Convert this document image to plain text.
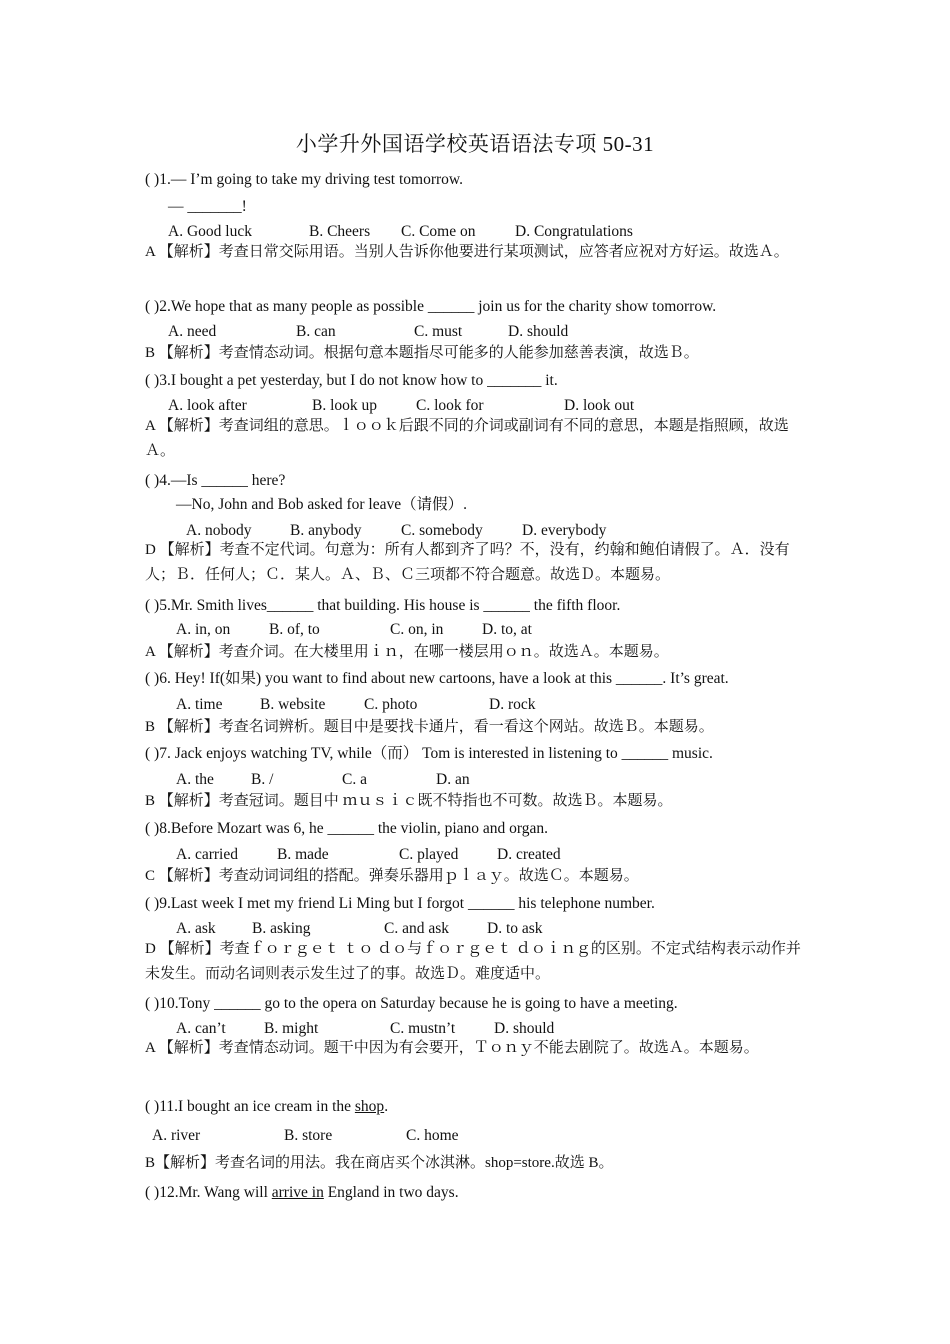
小学升外国语学校英语语法专项 50-31
( )1.— I’m going to take my driving test tomorrow.
— _______!
A. Good luck	B. Cheers C. Come on	D. Congratulations
A 【解析】考查日常交际用语。当别人告诉你他要进行某项测试，应答者应祝对方好运。故选Ａ。
( )2.We hope that as many people as possible ______ join us for the charity show tomorrow.
A. need	B. can	C. must	D. should
B 【解析】考查情态动词。根据句意本题指尽可能多的人能参加慈善表演，故选Ｂ。
( )3.I bought a pet yesterday, but I do not know how to _______ it.
A. look after	B. look up	C. look for	D. look out
A 【解析】考查词组的意思。ｌｏｏｋ后跟不同的介词或副词有不同的意思，本题是指照顾，故选Ａ。
( )4.—Is ______ here?
—No, John and Bob asked for leave（请假）.
A. nobody B. anybody	C. somebody	D. everybody
D 【解析】考查不定代词。句意为：所有人都到齐了吗？不，没有，约翰和鲍伯请假了。Ａ．没有人；Ｂ．任何人；Ｃ．某人。Ａ、Ｂ、Ｃ三项都不符合题意。故选Ｄ。本题易。
( )5.Mr. Smith lives______ that building. His house is ______ the fifth floor.
A. in, on	B. of, to	C. on, in D. to, at
A 【解析】考查介词。在大楼里用ｉｎ，在哪一楼层用ｏｎ。故选Ａ。本题易。
( )6. Hey! If(如果) you want to find about new cartoons, have a look at this ______. It’s great.
A. time B. website C. photo	D. rock
B 【解析】考查名词辨析。题目中是要找卡通片，看一看这个网站。故选Ｂ。本题易。
( )7. Jack enjoys watching TV, while（而） Tom is interested in listening to ______ music.
A. the B. /	C. a	D. an
B 【解析】考查冠词。题目中 ｍｕｓｉｃ既不特指也不可数。故选Ｂ。本题易。
( )8.Before Mozart was 6, he ______ the violin, piano and organ.
A. carried	B. made	C. played D. created
C 【解析】考查动词词组的搭配。弹奏乐器用ｐｌａｙ。故选Ｃ。本题易。
( )9.Last week I met my friend Li Ming but I forgot ______ his telephone number.
A. ask B. asking	C. and ask D. to ask
D 【解析】考查ｆｏｒｇｅｔ ｔｏ ｄｏ与ｆｏｒｇｅｔ ｄｏｉｎｇ的区别。不定式结构表示动作并未发生。而动名词则表示发生过了的事。故选Ｄ。难度适中。
( )10.Tony ______ go to the opera on Saturday because he is going to have a meeting.
A. can’t B. might	C. mustn’t	D. should
A 【解析】考查情态动词。题干中因为有会要开，Ｔｏｎｙ不能去剧院了。故选Ａ。本题易。
( )11.I bought an ice cream in the shop.
A. river	B. store	C. home
B【解析】考查名词的用法。我在商店买个冰淇淋。shop=store.故选 B。
( )12.Mr. Wang will arrive in England in two days.
